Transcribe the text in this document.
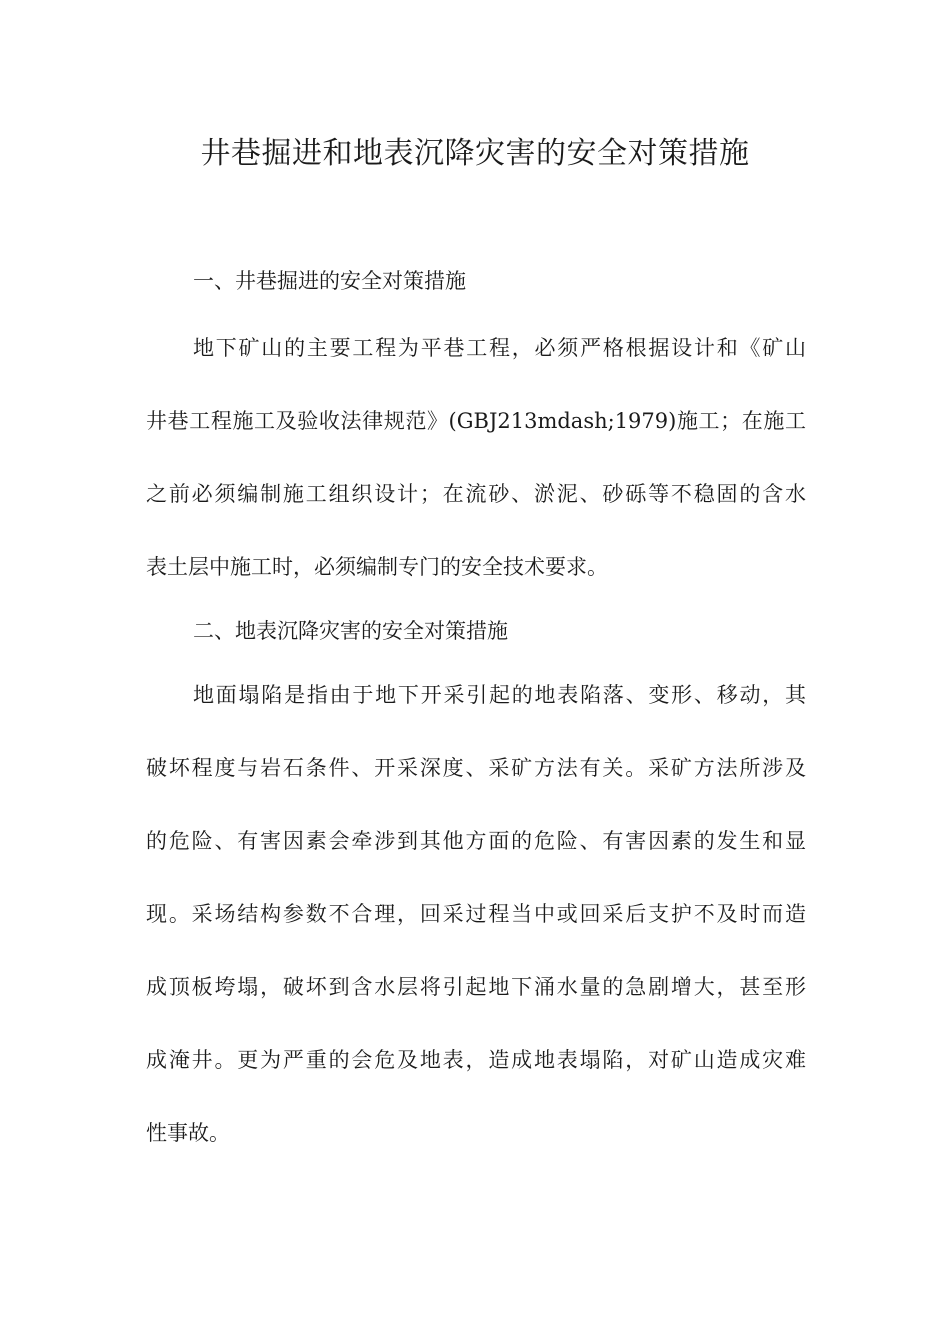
井巷掘进和地表沉降灾害的安全对策措施
一、井巷掘进的安全对策措施
地下矿山的主要工程为平巷工程，必须严格根据设计和《矿山
井巷工程施工及验收法律规范》(GBJ213mdash;1979)施工；在施工
之前必须编制施工组织设计；在流砂、淤泥、砂砾等不稳固的含水
表土层中施工时，必须编制专门的安全技术要求。
二、地表沉降灾害的安全对策措施
地面塌陷是指由于地下开采引起的地表陷落、变形、移动，其
破坏程度与岩石条件、开采深度、采矿方法有关。采矿方法所涉及
的危险、有害因素会牵涉到其他方面的危险、有害因素的发生和显
现。采场结构参数不合理，回采过程当中或回采后支护不及时而造
成顶板垮塌，破坏到含水层将引起地下涌水量的急剧增大，甚至形
成淹井。更为严重的会危及地表，造成地表塌陷，对矿山造成灾难
性事故。
